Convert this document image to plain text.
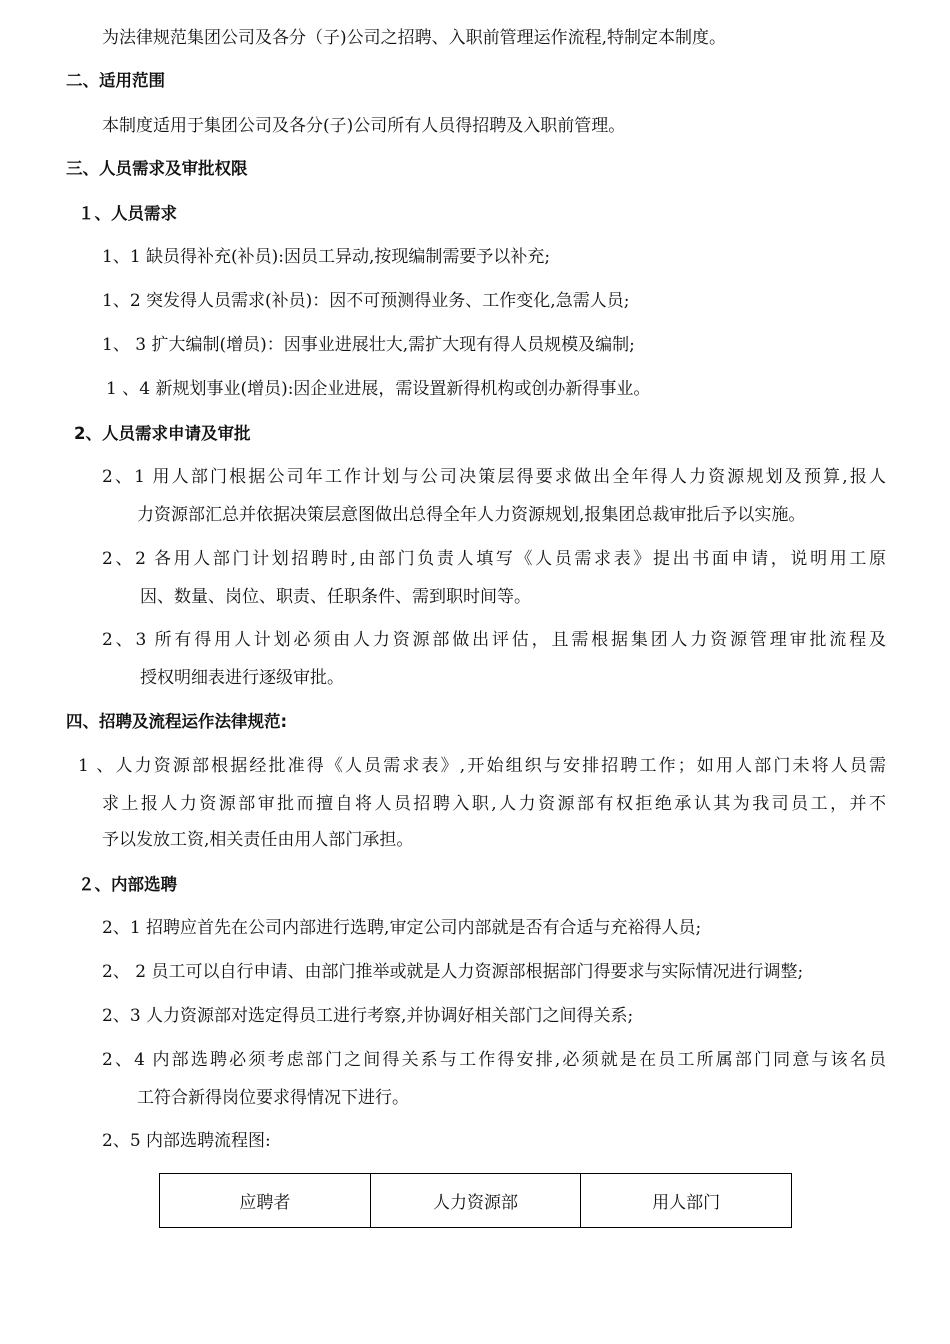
为法律规范集团公司及各分（子)公司之招聘、入职前管理运作流程,特制定本制度。
二、适用范围
本制度适用于集团公司及各分(子)公司所有人员得招聘及入职前管理。
三、人员需求及审批权限
１、人员需求
1、1 缺员得补充(补员):因员工异动,按现编制需要予以补充;
1、2 突发得人员需求(补员)：因不可预测得业务、工作变化,急需人员;
1、 3 扩大编制(增员)：因事业进展壮大,需扩大现有得人员规模及编制;
1 、4 新规划事业(增员):因企业进展，需设置新得机构或创办新得事业。
2、人员需求申请及审批
2、1 用人部门根据公司年工作计划与公司决策层得要求做出全年得人力资源规划及预算,报人
力资源部汇总并依据决策层意图做出总得全年人力资源规划,报集团总裁审批后予以实施。
2、2 各用人部门计划招聘时,由部门负责人填写《人员需求表》提出书面申请，说明用工原
因、数量、岗位、职责、任职条件、需到职时间等。
2、3 所有得用人计划必须由人力资源部做出评估，且需根据集团人力资源管理审批流程及
授权明细表进行逐级审批。
四、招聘及流程运作法律规范:
1 、人力资源部根据经批准得《人员需求表》,开始组织与安排招聘工作；如用人部门未将人员需
求上报人力资源部审批而擅自将人员招聘入职,人力资源部有权拒绝承认其为我司员工，并不
予以发放工资,相关责任由用人部门承担。
２、内部选聘
2、1 招聘应首先在公司内部进行选聘,审定公司内部就是否有合适与充裕得人员;
2、 2 员工可以自行申请、由部门推举或就是人力资源部根据部门得要求与实际情况进行调整;
2、3 人力资源部对选定得员工进行考察,并协调好相关部门之间得关系;
2、4 内部选聘必须考虑部门之间得关系与工作得安排,必须就是在员工所属部门同意与该名员
工符合新得岗位要求得情况下进行。
2、5 内部选聘流程图:
应聘者	人力资源部	用人部门
